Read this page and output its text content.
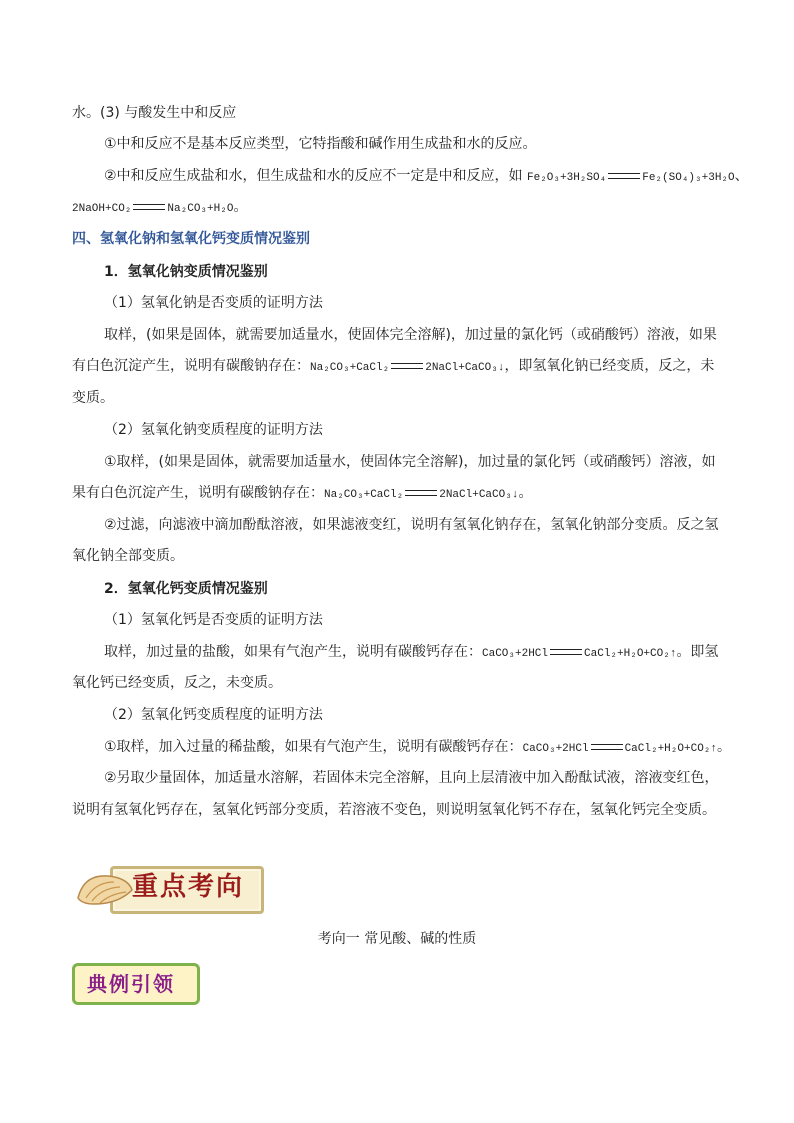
水。(3) 与酸发生中和反应
①中和反应不是基本反应类型，它特指酸和碱作用生成盐和水的反应。
②中和反应生成盐和水，但生成盐和水的反应不一定是中和反应，如 Fe₂O₃+3H₂SO₄	Fe₂(SO₄)₃+3H₂O、
2NaOH+CO₂	Na₂CO₃+H₂O。
四、氢氧化钠和氢氧化钙变质情况鉴别
1．氢氧化钠变质情况鉴别
（1）氢氧化钠是否变质的证明方法
取样，(如果是固体，就需要加适量水，使固体完全溶解)，加过量的氯化钙（或硝酸钙）溶液，如果
有白色沉淀产生，说明有碳酸钠存在：Na₂CO₃+CaCl₂	2NaCl+CaCO₃↓，即氢氧化钠已经变质，反之，未
变质。
（2）氢氧化钠变质程度的证明方法
①取样，(如果是固体，就需要加适量水，使固体完全溶解)，加过量的氯化钙（或硝酸钙）溶液，如
果有白色沉淀产生，说明有碳酸钠存在：Na₂CO₃+CaCl₂	2NaCl+CaCO₃↓。
②过滤，向滤液中滴加酚酞溶液，如果滤液变红，说明有氢氧化钠存在，氢氧化钠部分变质。反之氢
氧化钠全部变质。
2．氢氧化钙变质情况鉴别
（1）氢氧化钙是否变质的证明方法
取样，加过量的盐酸，如果有气泡产生，说明有碳酸钙存在：CaCO₃+2HCl	CaCl₂+H₂O+CO₂↑。即氢
氧化钙已经变质，反之，未变质。
（2）氢氧化钙变质程度的证明方法
①取样，加入过量的稀盐酸，如果有气泡产生，说明有碳酸钙存在：CaCO₃+2HCl	CaCl₂+H₂O+CO₂↑。
②另取少量固体，加适量水溶解，若固体未完全溶解，且向上层清液中加入酚酞试液，溶液变红色，
说明有氢氧化钙存在，氢氧化钙部分变质，若溶液不变色，则说明氢氧化钙不存在，氢氧化钙完全变质。
重点考向
考向一 常见酸、碱的性质
典例引领
